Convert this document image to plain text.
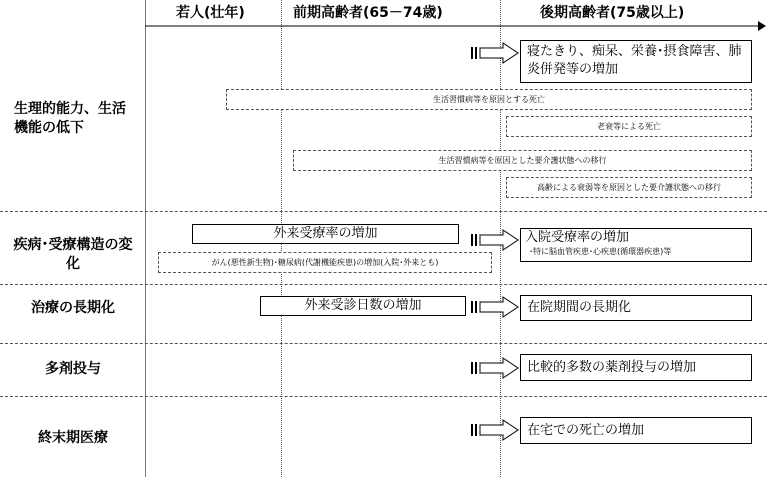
若人(壮年)	前期高齢者(65－74歳)	後期高齢者(75歳以上)
生理的能力、生活機能の低下
疾病･受療構造の変化
治療の長期化
多剤投与
終末期医療
寝たきり、痴呆、栄養･摂食障害、肺炎併発等の増加
生活習慣病等を原因とする死亡
老衰等による死亡
生活習慣病等を原因とした要介護状態への移行
高齢による衰弱等を原因とした要介護状態への移行
外来受療率の増加
がん(悪性新生物)･糖尿病(代謝機能疾患)の増加(入院･外来とも)
入院受療率の増加
･特に脳血管疾患･心疾患(循環器疾患)等
外来受診日数の増加	在院期間の長期化
比較的多数の薬剤投与の増加
在宅での死亡の増加
